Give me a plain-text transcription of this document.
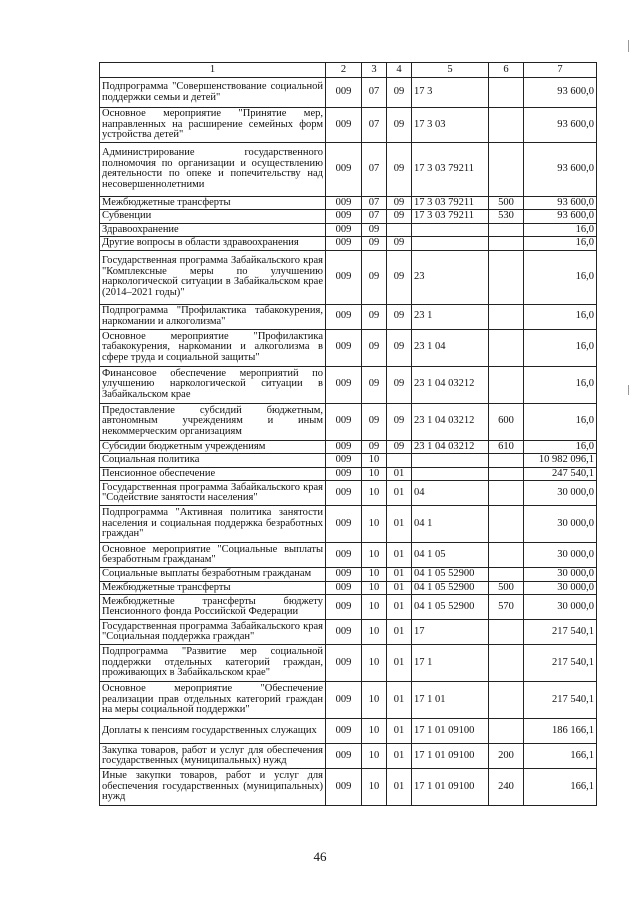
1	2	3	4	5	6	7
Подпрограмма "Совершенствование социальной поддержки семьи и детей"	009	07	09	17 3		93 600,0
Основное мероприятие "Принятие мер, направленных на расширение семейных форм устройства детей"	009	07	09	17 3 03		93 600,0
Администрирование государственного полномочия по организации и осуществлению деятельности по опеке и попечительству над несовершеннолетними	009	07	09	17 3 03 79211		93 600,0
Межбюджетные трансферты	009	07	09	17 3 03 79211	500	93 600,0
Субвенции	009	07	09	17 3 03 79211	530	93 600,0
Здравоохранение	009	09				16,0
Другие вопросы в области здравоохранения	009	09	09			16,0
Государственная программа Забайкальского края "Комплексные меры по улучшению наркологической ситуации в Забайкальском крае (2014–2021 годы)"	009	09	09	23		16,0
Подпрограмма "Профилактика табакокурения, наркомании и алкоголизма"	009	09	09	23 1		16,0
Основное мероприятие "Профилактика табакокурения, наркомании и алкоголизма в сфере труда и социальной защиты"	009	09	09	23 1 04		16,0
Финансовое обеспечение мероприятий по улучшению наркологической ситуации в Забайкальском крае	009	09	09	23 1 04 03212		16,0
Предоставление субсидий бюджетным, автономным учреждениям и иным некоммерческим организациям	009	09	09	23 1 04 03212	600	16,0
Субсидии бюджетным учреждениям	009	09	09	23 1 04 03212	610	16,0
Социальная политика	009	10				10 982 096,1
Пенсионное обеспечение	009	10	01			247 540,1
Государственная программа Забайкальского края "Содействие занятости населения"	009	10	01	04		30 000,0
Подпрограмма "Активная политика занятости населения и социальная поддержка безработных граждан"	009	10	01	04 1		30 000,0
Основное мероприятие "Социальные выплаты безработным гражданам"	009	10	01	04 1 05		30 000,0
Социальные выплаты безработным гражданам	009	10	01	04 1 05 52900		30 000,0
Межбюджетные трансферты	009	10	01	04 1 05 52900	500	30 000,0
Межбюджетные трансферты бюджету Пенсионного фонда Российской Федерации	009	10	01	04 1 05 52900	570	30 000,0
Государственная программа Забайкальского края "Социальная поддержка граждан"	009	10	01	17		217 540,1
Подпрограмма "Развитие мер социальной поддержки отдельных категорий граждан, проживающих в Забайкальском крае"	009	10	01	17 1		217 540,1
Основное мероприятие "Обеспечение реализации прав отдельных категорий граждан на меры социальной поддержки"	009	10	01	17 1 01		217 540,1
Доплаты к пенсиям государственных служащих	009	10	01	17 1 01 09100		186 166,1
Закупка товаров, работ и услуг для обеспечения государственных (муниципальных) нужд	009	10	01	17 1 01 09100	200	166,1
Иные закупки товаров, работ и услуг для обеспечения государственных (муниципальных) нужд	009	10	01	17 1 01 09100	240	166,1
46
